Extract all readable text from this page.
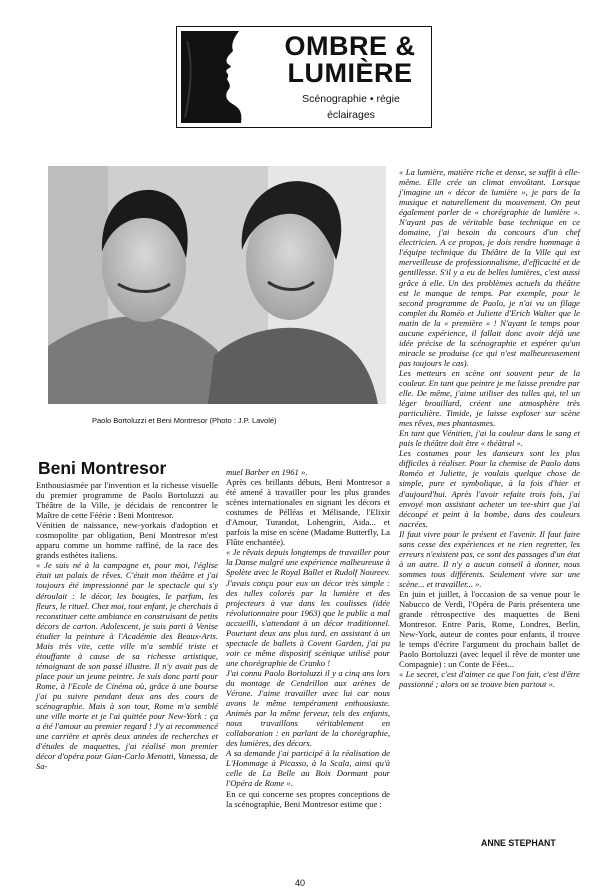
OMBRE &
LUMIÈRE
Scénographie • régie
éclairages
Paolo Bortoluzzi et Beni Montresor (Photo : J.P. Lavolé)
Beni Montresor

Enthousiasmée par l'invention et la richesse visuelle du premier programme de Paolo Bortoluzzi au Théâtre de la Ville, je décidais de rencontrer le Maître de cette Féérie : Beni Montresor.

Vénitien de naissance, new-yorkais d'adoption et cosmopolite par obligation, Beni Montresor m'est apparu comme un homme raffiné, de la race des grands esthètes italiens.

« Je suis né à la campagne et, pour moi, l'église était un palais de rêves. C'était mon théâtre et j'ai toujours été impressionné par le spectacle qui s'y déroulait : le décor, les bougies, le parfum, les fleurs, le rituel. Chez moi, tout enfant, je cherchais à reconstituer cette ambiance en construisant de petits décors de carton. Adolescent, je suis parti à Venise étudier la peinture à l'Académie des Beaux-Arts. Mais très vite, cette ville m'a semblé triste et étouffante à cause de sa richesse artistique, témoignant de son passé illustre. Il n'y avait pas de place pour un jeune peintre. Je suis donc parti pour Rome, à l'Ecole de Cinéma où, grâce à une bourse j'ai pu suivre pendant deux ans des cours de scénographie. Mais à son tour, Rome m'a semblé une ville morte et je l'ai quittée pour New-York : ça a été l'amour au premier regard ! J'y ai recommencé une carrière et après deux années de recherches et d'études de maquettes, j'ai réalisé mon premier décor d'opéra pour Gian-Carlo Menotti, Vanessa, de Sa-

muel Barber en 1961 ».

Après ces brillants débuts, Beni Montresor a été amené à travailler pour les plus grandes scènes internationales en signant les décors et costumes de Pélléas et Mélisande, l'Elixir d'Amour, Turandot, Lohengrin, Aida... et parfois la mise en scène (Madame Butterfly, La Flûte enchantée).

« Je rêvais depuis longtemps de travailler pour la Danse malgré une expérience malheureuse à Spolète avec le Royal Ballet et Rudolf Noureev. J'avais conçu pour eux un décor très simple : des tulles colorés par la lumière et des projecteurs à vue dans les coulisses (idée révolutionnaire pour 1963) que le public a mal accueilli, s'attendant à un décor traditionnel. Pourtant deux ans plus tard, en assistant à un spectacle de ballets à Covent Garden, j'ai pu voir ce même dispositif scénique utilisé pour une chorégraphie de Cranko !

J'ai connu Paolo Bortoluzzi il y a cinq ans lors du montage de Cendrillon aux arènes de Vérone. J'aime travailler avec lui car nous avons le même tempérament enthousiaste. Animés par la même ferveur, tels des enfants, nous travaillons véritablement en collaboration : en parlant de la chorégraphie, des lumières, des décors.

A sa demande j'ai participé à la réalisation de L'Hommage à Picasso, à la Scala, ainsi qu'à celle de La Belle au Bois Dormant pour l'Opéra de Rome ».

En ce qui concerne ses propres conceptions de la scénographie, Beni Montresor estime que :

« La lumière, matière riche et dense, se suffit à elle-même. Elle crée un climat envoûtant. Lorsque j'imagine un « décor de lumière », je pars de la musique et naturellement du mouvement. On peut également parler de « chorégraphie de lumière ». N'ayant pas de véritable base technique en ce domaine, j'ai besoin du concours d'un chef électricien. A ce propos, je dois rendre hommage à l'équipe technique du Théâtre de la Ville qui est merveilleuse de professionnalisme, d'efficacité et de gentillesse. S'il y a eu de belles lumières, c'est aussi grâce à elle. Un des problèmes actuels du théâtre est le manque de temps. Par exemple, pour le second programme de Paolo, je n'ai vu un filage complet du Roméo et Juliette d'Erich Walter que le matin de la « première » ! N'ayant le temps pour aucune expérience, il fallait donc avoir déjà une idée précise de la scénographie et espérer qu'un miracle se produise (ce qui n'est malheureusement pas toujours le cas).

Les metteurs en scène ont souvent peur de la couleur. En tant que peintre je me laisse prendre par elle. De même, j'aime utiliser des tulles qui, tel un léger brouillard, créent une atmosphère très particulière. Timide, je laisse exploser sur scène mes rêves, mes phantasmes.

En tant que Vénitien, j'ai la couleur dans le sang et puis le théâtre doit être « théâtral ».

Les costumes pour les danseurs sont les plus difficiles à réaliser. Pour la chemise de Paolo dans Roméo et Juliette, je voulais quelque chose de simple, pure et symbolique, à la fois d'hier et d'aujourd'hui. Après l'avoir refaite trois fois, j'ai envoyé mon assistant acheter un tee-shirt que j'ai découpé et peint à la bombe, dans des couleurs nacrées.

Il faut vivre pour le présent et l'avenir. Il faut faire sans cesse des expériences et ne rien regretter, les erreurs n'existent pas, ce sont des passages d'un état à un autre. Il n'y a aucun conseil à donner, nous sommes tous différents. Seulement vivre sur une scène... et travailler... ».

En juin et juillet, à l'occasion de sa venue pour le Nabucco de Verdi, l'Opéra de Paris présentera une grande rétrospective des maquettes de Beni Montresor. Entre Paris, Rome, Londres, Berlin, New-York, auteur de contes pour enfants, il trouve le temps d'écrire l'argument du prochain ballet de Paolo Bortoluzzi (avec lequel il rêve de monter une Compagnie) : un Conte de Fées...

« Le secret, c'est d'aimer ce que l'on fait, c'est d'être passionné ; alors on se trouve bien partout ».

ANNE STEPHANT
40
